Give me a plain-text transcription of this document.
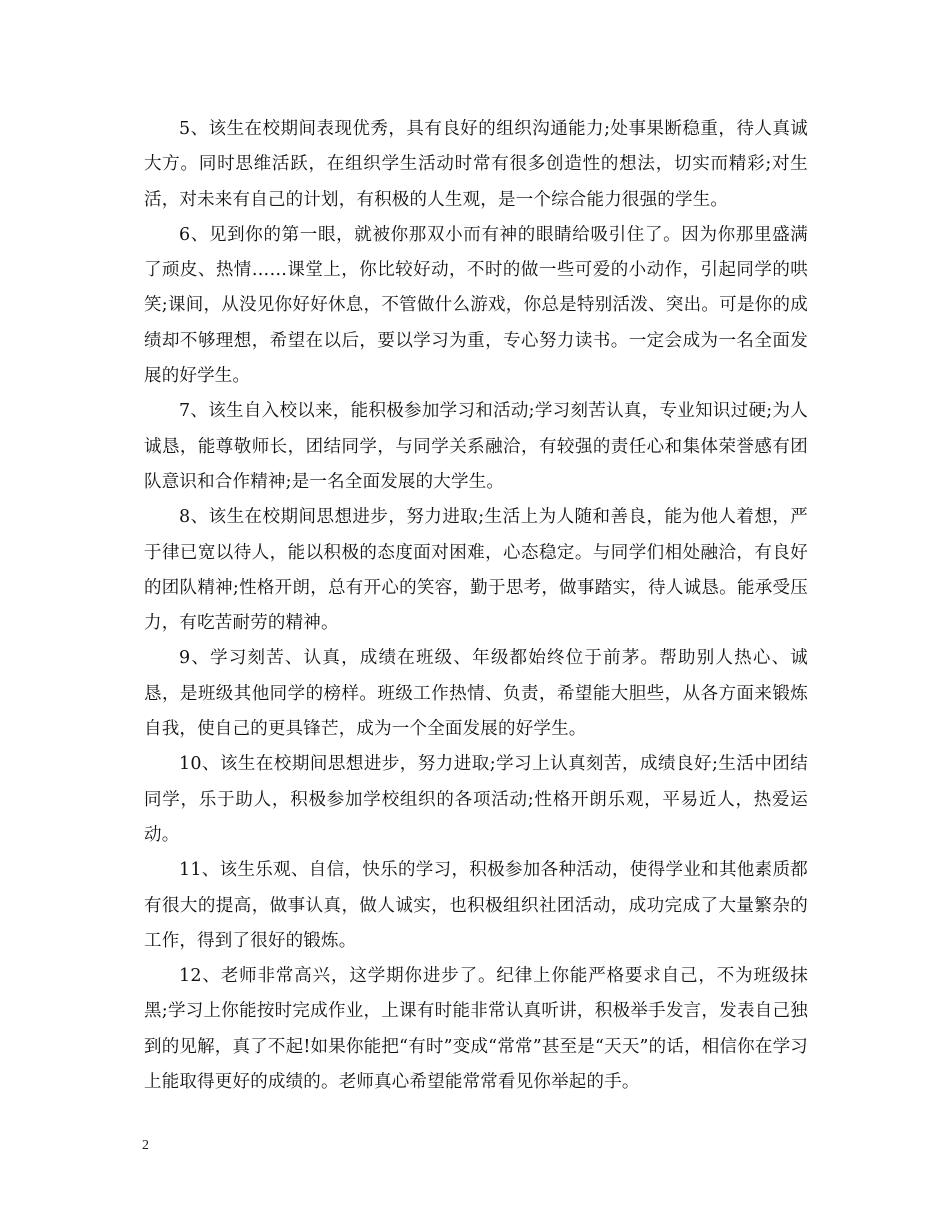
5、该生在校期间表现优秀，具有良好的组织沟通能力;处事果断稳重，待人真诚大方。同时思维活跃，在组织学生活动时常有很多创造性的想法，切实而精彩;对生活，对未来有自己的计划，有积极的人生观，是一个综合能力很强的学生。

6、见到你的第一眼，就被你那双小而有神的眼睛给吸引住了。因为你那里盛满了顽皮、热情……课堂上，你比较好动，不时的做一些可爱的小动作，引起同学的哄笑;课间，从没见你好好休息，不管做什么游戏，你总是特别活泼、突出。可是你的成绩却不够理想，希望在以后，要以学习为重，专心努力读书。一定会成为一名全面发展的好学生。

7、该生自入校以来，能积极参加学习和活动;学习刻苦认真，专业知识过硬;为人诚恳，能尊敬师长，团结同学，与同学关系融洽，有较强的责任心和集体荣誉感有团队意识和合作精神;是一名全面发展的大学生。

8、该生在校期间思想进步，努力进取;生活上为人随和善良，能为他人着想，严于律已宽以待人，能以积极的态度面对困难，心态稳定。与同学们相处融洽，有良好的团队精神;性格开朗，总有开心的笑容，勤于思考，做事踏实，待人诚恳。能承受压力，有吃苦耐劳的精神。

9、学习刻苦、认真，成绩在班级、年级都始终位于前茅。帮助别人热心、诚恳，是班级其他同学的榜样。班级工作热情、负责，希望能大胆些，从各方面来锻炼自我，使自己的更具锋芒，成为一个全面发展的好学生。

10、该生在校期间思想进步，努力进取;学习上认真刻苦，成绩良好;生活中团结同学，乐于助人，积极参加学校组织的各项活动;性格开朗乐观，平易近人，热爱运动。

11、该生乐观、自信，快乐的学习，积极参加各种活动，使得学业和其他素质都有很大的提高，做事认真，做人诚实，也积极组织社团活动，成功完成了大量繁杂的工作，得到了很好的锻炼。

12、老师非常高兴，这学期你进步了。纪律上你能严格要求自己，不为班级抹黑;学习上你能按时完成作业，上课有时能非常认真听讲，积极举手发言，发表自己独到的见解，真了不起!如果你能把“有时”变成“常常”甚至是“天天”的话，相信你在学习上能取得更好的成绩的。老师真心希望能常常看见你举起的手。

2
